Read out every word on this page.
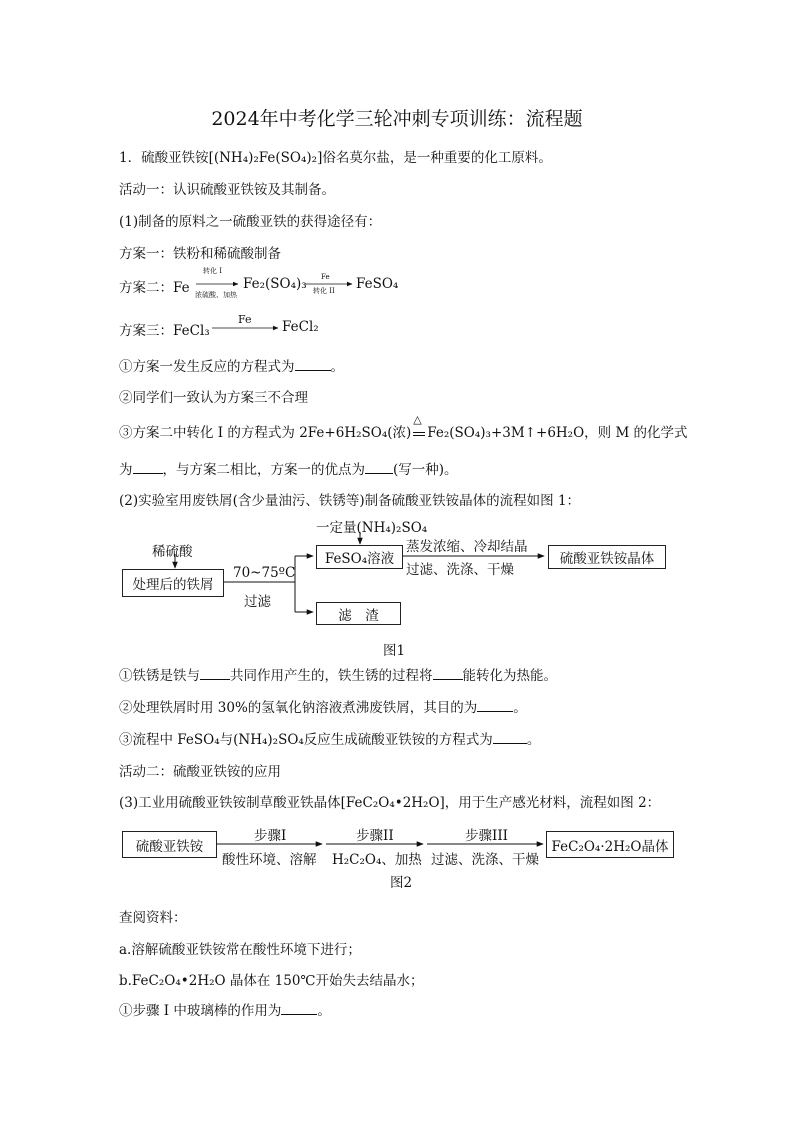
2024年中考化学三轮冲刺专项训练：流程题
1．硫酸亚铁铵[(NH₄)₂Fe(SO₄)₂]俗名莫尔盐，是一种重要的化工原料。
活动一：认识硫酸亚铁铵及其制备。
(1)制备的原料之一硫酸亚铁的获得途径有：
方案一：铁粉和稀硫酸制备
方案二：Fe
转化 I
浓硫酸、加热
Fe₂(SO₄)₃ Fe
转化 II FeSO₄
方案三：FeCl₃
Fe FeCl₂
①方案一发生反应的方程式为	。
②同学们一致认为方案三不合理
③方案二中转化 I 的方程式为 2Fe+6H₂SO₄(浓)
△
Fe₂(SO₄)₃+3M↑+6H₂O，则 M 的化学式
为 ，与方案二相比，方案一的优点为 (写一种)。
(2)实验室用废铁屑(含少量油污、铁锈等)制备硫酸亚铁铵晶体的流程如图 1：
一定量(NH₄)₂SO₄
稀硫酸
处理后的铁屑
70~75ºC
过滤
FeSO₄溶液
蒸发浓缩、冷却结晶
过滤、洗涤、干燥
硫酸亚铁铵晶体
滤　渣
图1
①铁锈是铁与 共同作用产生的，铁生锈的过程将 能转化为热能。
②处理铁屑时用 30%的氢氧化钠溶液煮沸废铁屑，其目的为	。
③流程中 FeSO₄与(NH₄)₂SO₄反应生成硫酸亚铁铵的方程式为	。
活动二：硫酸亚铁铵的应用
(3)工业用硫酸亚铁铵制草酸亚铁晶体[FeC₂O₄•2H₂O]，用于生产感光材料，流程如图 2：
硫酸亚铁铵
步骤I
酸性环境、溶解
步骤II
H₂C₂O₄、加热
步骤III
过滤、洗涤、干燥
FeC₂O₄·2H₂O晶体
图2
查阅资料：
a.溶解硫酸亚铁铵常在酸性环境下进行；
b.FeC₂O₄•2H₂O 晶体在 150℃开始失去结晶水；
①步骤 I 中玻璃棒的作用为	。
